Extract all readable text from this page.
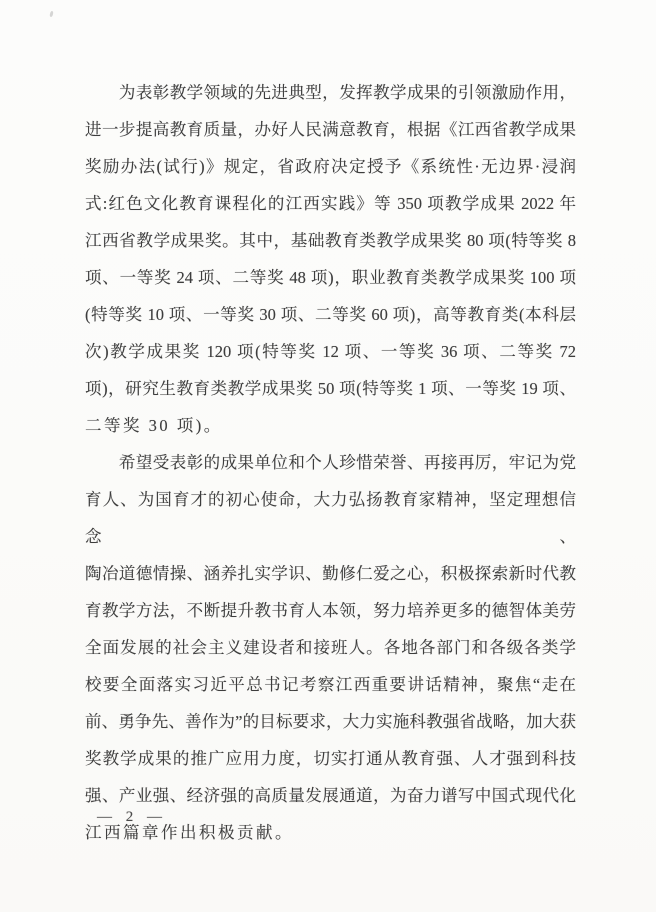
　　为表彰教学领域的先进典型，发挥教学成果的引领激励作用，
进一步提高教育质量，办好人民满意教育，根据《江西省教学成果
奖励办法(试行)》规定，省政府决定授予《系统性·无边界·浸润
式:红色文化教育课程化的江西实践》等 350 项教学成果 2022 年
江西省教学成果奖。其中，基础教育类教学成果奖 80 项(特等奖 8
项、一等奖 24 项、二等奖 48 项)，职业教育类教学成果奖 100 项
(特等奖 10 项、一等奖 30 项、二等奖 60 项)，高等教育类(本科层
次)教学成果奖 120 项(特等奖 12 项、一等奖 36 项、二等奖 72
项)，研究生教育类教学成果奖 50 项(特等奖 1 项、一等奖 19 项、
二等奖 30 项)。
　　希望受表彰的成果单位和个人珍惜荣誉、再接再厉，牢记为党
育人、为国育才的初心使命，大力弘扬教育家精神，坚定理想信念、
陶冶道德情操、涵养扎实学识、勤修仁爱之心，积极探索新时代教
育教学方法，不断提升教书育人本领，努力培养更多的德智体美劳
全面发展的社会主义建设者和接班人。各地各部门和各级各类学
校要全面落实习近平总书记考察江西重要讲话精神，聚焦“走在
前、勇争先、善作为”的目标要求，大力实施科教强省战略，加大获
奖教学成果的推广应用力度，切实打通从教育强、人才强到科技
强、产业强、经济强的高质量发展通道，为奋力谱写中国式现代化
江西篇章作出积极贡献。
— 2 —
